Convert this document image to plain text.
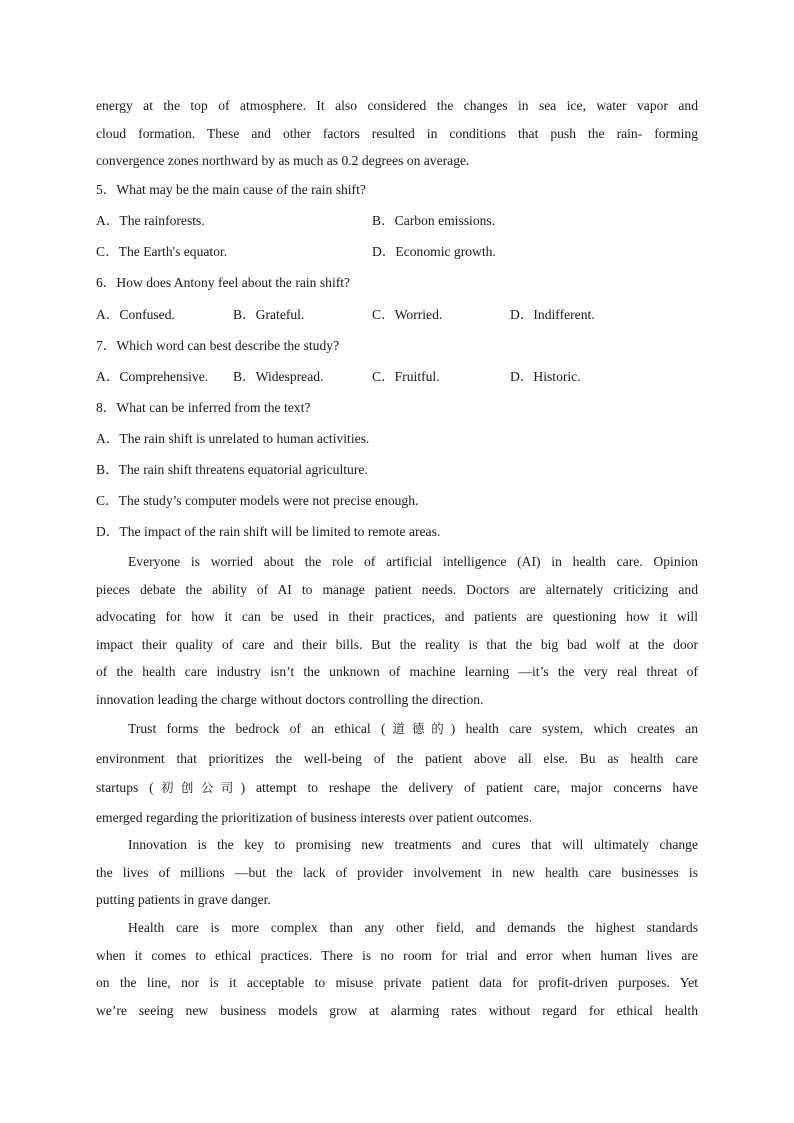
energy at the top of atmosphere. It also considered the changes in sea ice, water vapor and
cloud formation. These and other factors resulted in conditions that push the rain- forming
convergence zones northward by as much as 0.2 degrees on average.
5．What may be the main cause of the rain shift?
A．The rainforests.	B．Carbon emissions.
C．The Earth's equator.	D．Economic growth.
6．How does Antony feel about the rain shift?
A．Confused.	B．Grateful.	C．Worried.	D．Indifferent.
7．Which word can best describe the study?
A．Comprehensive. B．Widespread.	C．Fruitful.	D．Historic.
8．What can be inferred from the text?
A．The rain shift is unrelated to human activities.
B．The rain shift threatens equatorial agriculture.
C．The study’s computer models were not precise enough.
D．The impact of the rain shift will be limited to remote areas.
Everyone is worried about the role of artificial intelligence (AI) in health care. Opinion
pieces debate the ability of AI to manage patient needs. Doctors are alternately criticizing and
advocating for how it can be used in their practices, and patients are questioning how it will
impact their quality of care and their bills. But the reality is that the big bad wolf at the door
of the health care industry isn’t the unknown of machine learning —it’s the very real threat of
innovation leading the charge without doctors controlling the direction.
Trust forms the bedrock of an ethical (道德的) health care system, which creates an
environment that prioritizes the well-being of the patient above all else. Bu as health care
startups (初创公司) attempt to reshape the delivery of patient care, major concerns have
emerged regarding the prioritization of business interests over patient outcomes.
Innovation is the key to promising new treatments and cures that will ultimately change
the lives of millions —but the lack of provider involvement in new health care businesses is
putting patients in grave danger.
Health care is more complex than any other field, and demands the highest standards
when it comes to ethical practices. There is no room for trial and error when human lives are
on the line, nor is it acceptable to misuse private patient data for profit-driven purposes. Yet
we’re seeing new business models grow at alarming rates without regard for ethical health
